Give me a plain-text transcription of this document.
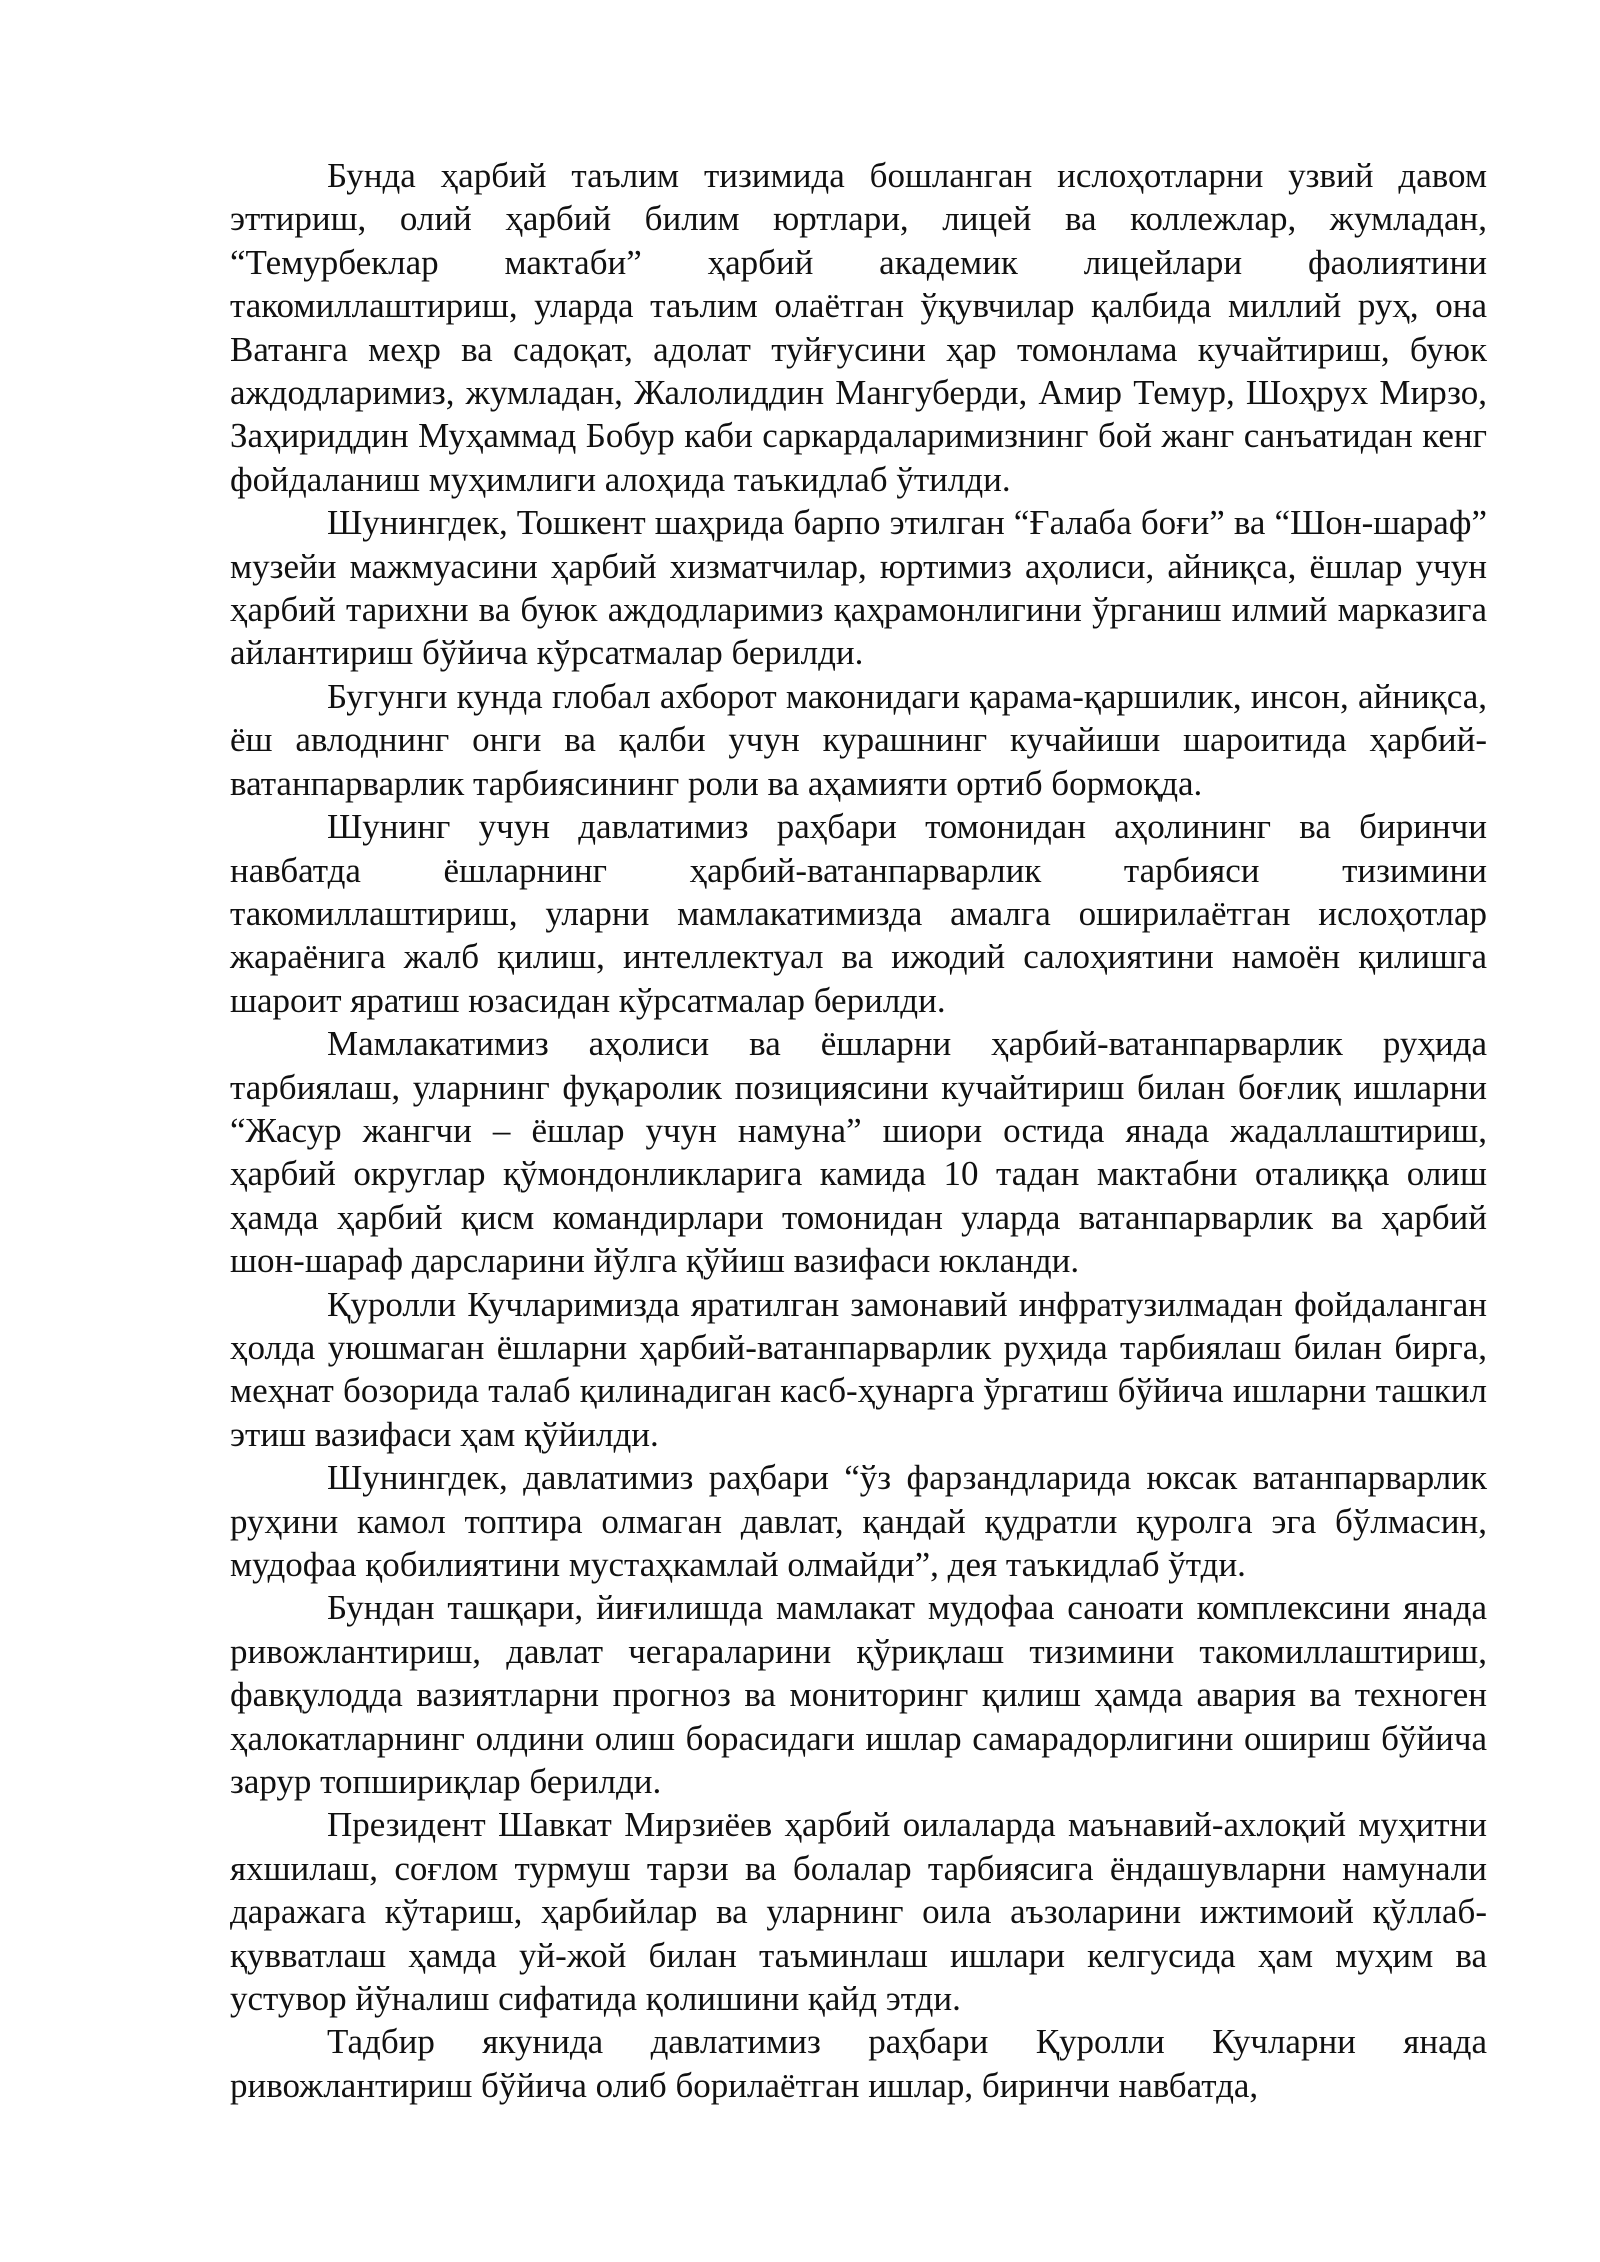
Бунда ҳарбий таълим тизимида бошланган ислоҳотларни узвий давом эттириш, олий ҳарбий билим юртлари, лицей ва коллежлар, жумладан, “Темурбеклар мактаби” ҳарбий академик лицейлари фаолиятини такомиллаштириш, уларда таълим олаётган ўқувчилар қалбида миллий руҳ, она Ватанга меҳр ва садоқат, адолат туйғусини ҳар томонлама кучайтириш, буюк аждодларимиз, жумладан, Жалолиддин Мангуберди, Амир Темур, Шоҳрух Мирзо, Заҳириддин Муҳаммад Бобур каби саркардаларимизнинг бой жанг санъатидан кенг фойдаланиш муҳимлиги алоҳида таъкидлаб ўтилди.

Шунингдек, Тошкент шаҳрида барпо этилган “Ғалаба боғи” ва “Шон-шараф” музейи мажмуасини ҳарбий хизматчилар, юртимиз аҳолиси, айниқса, ёшлар учун ҳарбий тарихни ва буюк аждодларимиз қаҳрамонлигини ўрганиш илмий марказига айлантириш бўйича кўрсатмалар берилди.

Бугунги кунда глобал ахборот маконидаги қарама-қаршилик, инсон, айниқса, ёш авлоднинг онги ва қалби учун курашнинг кучайиши шароитида ҳарбий-ватанпарварлик тарбиясининг роли ва аҳамияти ортиб бормоқда.

Шунинг учун давлатимиз раҳбари томонидан аҳолининг ва биринчи навбатда ёшларнинг ҳарбий-ватанпарварлик тарбияси тизимини такомиллаштириш, уларни мамлакатимизда амалга оширилаётган ислоҳотлар жараёнига жалб қилиш, интеллектуал ва ижодий салоҳиятини намоён қилишга шароит яратиш юзасидан кўрсатмалар берилди.

Мамлакатимиз аҳолиси ва ёшларни ҳарбий-ватанпарварлик руҳида тарбиялаш, уларнинг фуқаролик позициясини кучайтириш билан боғлиқ ишларни “Жасур жангчи – ёшлар учун намуна” шиори остида янада жадаллаштириш, ҳарбий округлар қўмондонликларига камида 10 тадан мактабни оталиққа олиш ҳамда ҳарбий қисм командирлари томонидан уларда ватанпарварлик ва ҳарбий шон-шараф дарсларини йўлга қўйиш вазифаси юкланди.

Қуролли Кучларимизда яратилган замонавий инфратузилмадан фойдаланган ҳолда уюшмаган ёшларни ҳарбий-ватанпарварлик руҳида тарбиялаш билан бирга, меҳнат бозорида талаб қилинадиган касб-ҳунарга ўргатиш бўйича ишларни ташкил этиш вазифаси ҳам қўйилди.

Шунингдек, давлатимиз раҳбари “ўз фарзандларида юксак ватанпарварлик руҳини камол топтира олмаган давлат, қандай қудратли қуролга эга бўлмасин, мудофаа қобилиятини мустаҳкамлай олмайди”, дея таъкидлаб ўтди.

Бундан ташқари, йиғилишда мамлакат мудофаа саноати комплексини янада ривожлантириш, давлат чегараларини қўриқлаш тизимини такомиллаштириш, фавқулодда вазиятларни прогноз ва мониторинг қилиш ҳамда авария ва техноген ҳалокатларнинг олдини олиш борасидаги ишлар самарадорлигини ошириш бўйича зарур топшириқлар берилди.

Президент Шавкат Мирзиёев ҳарбий оилаларда маънавий-ахлоқий муҳитни яхшилаш, соғлом турмуш тарзи ва болалар тарбиясига ёндашувларни намунали даражага кўтариш, ҳарбийлар ва уларнинг оила аъзоларини ижтимоий қўллаб-қувватлаш ҳамда уй-жой билан таъминлаш ишлари келгусида ҳам муҳим ва устувор йўналиш сифатида қолишини қайд этди.

Тадбир якунида давлатимиз раҳбари Қуролли Кучларни янада ривожлантириш бўйича олиб борилаётган ишлар, биринчи навбатда,
